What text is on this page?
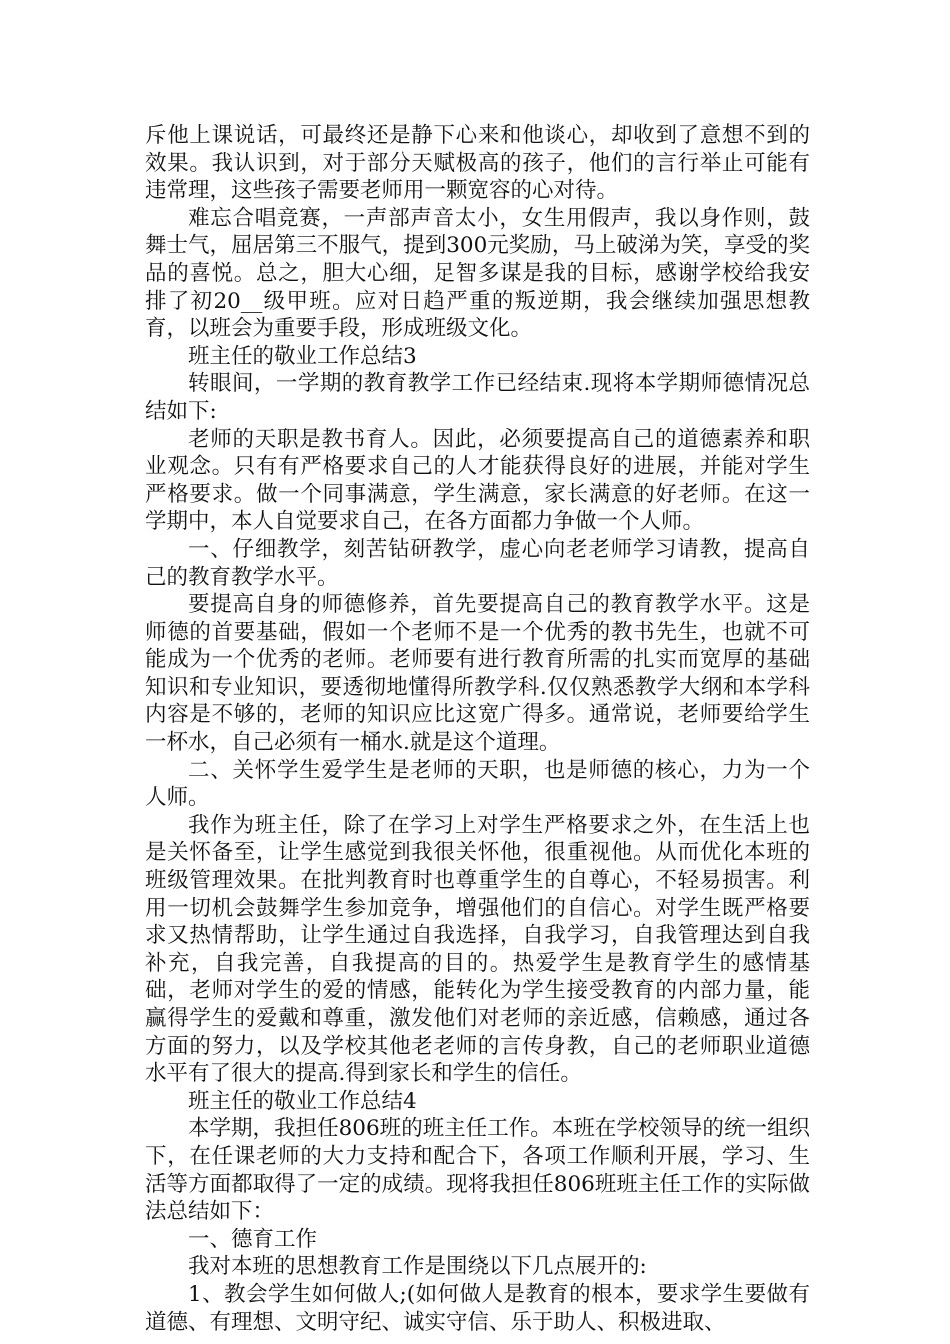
斥他上课说话，可最终还是静下心来和他谈心，却收到了意想不到的效果。我认识到，对于部分天赋极高的孩子，他们的言行举止可能有违常理，这些孩子需要老师用一颗宽容的心对待。

难忘合唱竞赛，一声部声音太小，女生用假声，我以身作则，鼓舞士气，屈居第三不服气，提到300元奖励，马上破涕为笑，享受的奖品的喜悦。总之，胆大心细，足智多谋是我的目标，感谢学校给我安排了初20__级甲班。应对日趋严重的叛逆期，我会继续加强思想教育，以班会为重要手段，形成班级文化。

班主任的敬业工作总结3

转眼间，一学期的教育教学工作已经结束.现将本学期师德情况总结如下:

老师的天职是教书育人。因此，必须要提高自己的道德素养和职业观念。只有有严格要求自己的人才能获得良好的进展，并能对学生严格要求。做一个同事满意，学生满意，家长满意的好老师。在这一学期中，本人自觉要求自己，在各方面都力争做一个人师。

一、仔细教学，刻苦钻研教学，虚心向老老师学习请教，提高自己的教育教学水平。

要提高自身的师德修养，首先要提高自己的教育教学水平。这是师德的首要基础，假如一个老师不是一个优秀的教书先生，也就不可能成为一个优秀的老师。老师要有进行教育所需的扎实而宽厚的基础知识和专业知识，要透彻地懂得所教学科.仅仅熟悉教学大纲和本学科内容是不够的，老师的知识应比这宽广得多。通常说，老师要给学生一杯水，自己必须有一桶水.就是这个道理。

二、关怀学生爱学生是老师的天职，也是师德的核心，力为一个人师。

我作为班主任，除了在学习上对学生严格要求之外，在生活上也是关怀备至，让学生感觉到我很关怀他，很重视他。从而优化本班的班级管理效果。在批判教育时也尊重学生的自尊心，不轻易损害。利用一切机会鼓舞学生参加竞争，增强他们的自信心。对学生既严格要求又热情帮助，让学生通过自我选择，自我学习，自我管理达到自我补充，自我完善，自我提高的目的。热爱学生是教育学生的感情基础，老师对学生的爱的情感，能转化为学生接受教育的内部力量，能赢得学生的爱戴和尊重，激发他们对老师的亲近感，信赖感，通过各方面的努力，以及学校其他老老师的言传身教，自己的老师职业道德水平有了很大的提高.得到家长和学生的信任。

班主任的敬业工作总结4

本学期，我担任806班的班主任工作。本班在学校领导的统一组织下，在任课老师的大力支持和配合下，各项工作顺利开展，学习、生活等方面都取得了一定的成绩。现将我担任806班班主任工作的实际做法总结如下：

一、德育工作

我对本班的思想教育工作是围绕以下几点展开的:

1、教会学生如何做人;(如何做人是教育的根本，要求学生要做有道德、有理想、文明守纪、诚实守信、乐于助人、积极进取、
